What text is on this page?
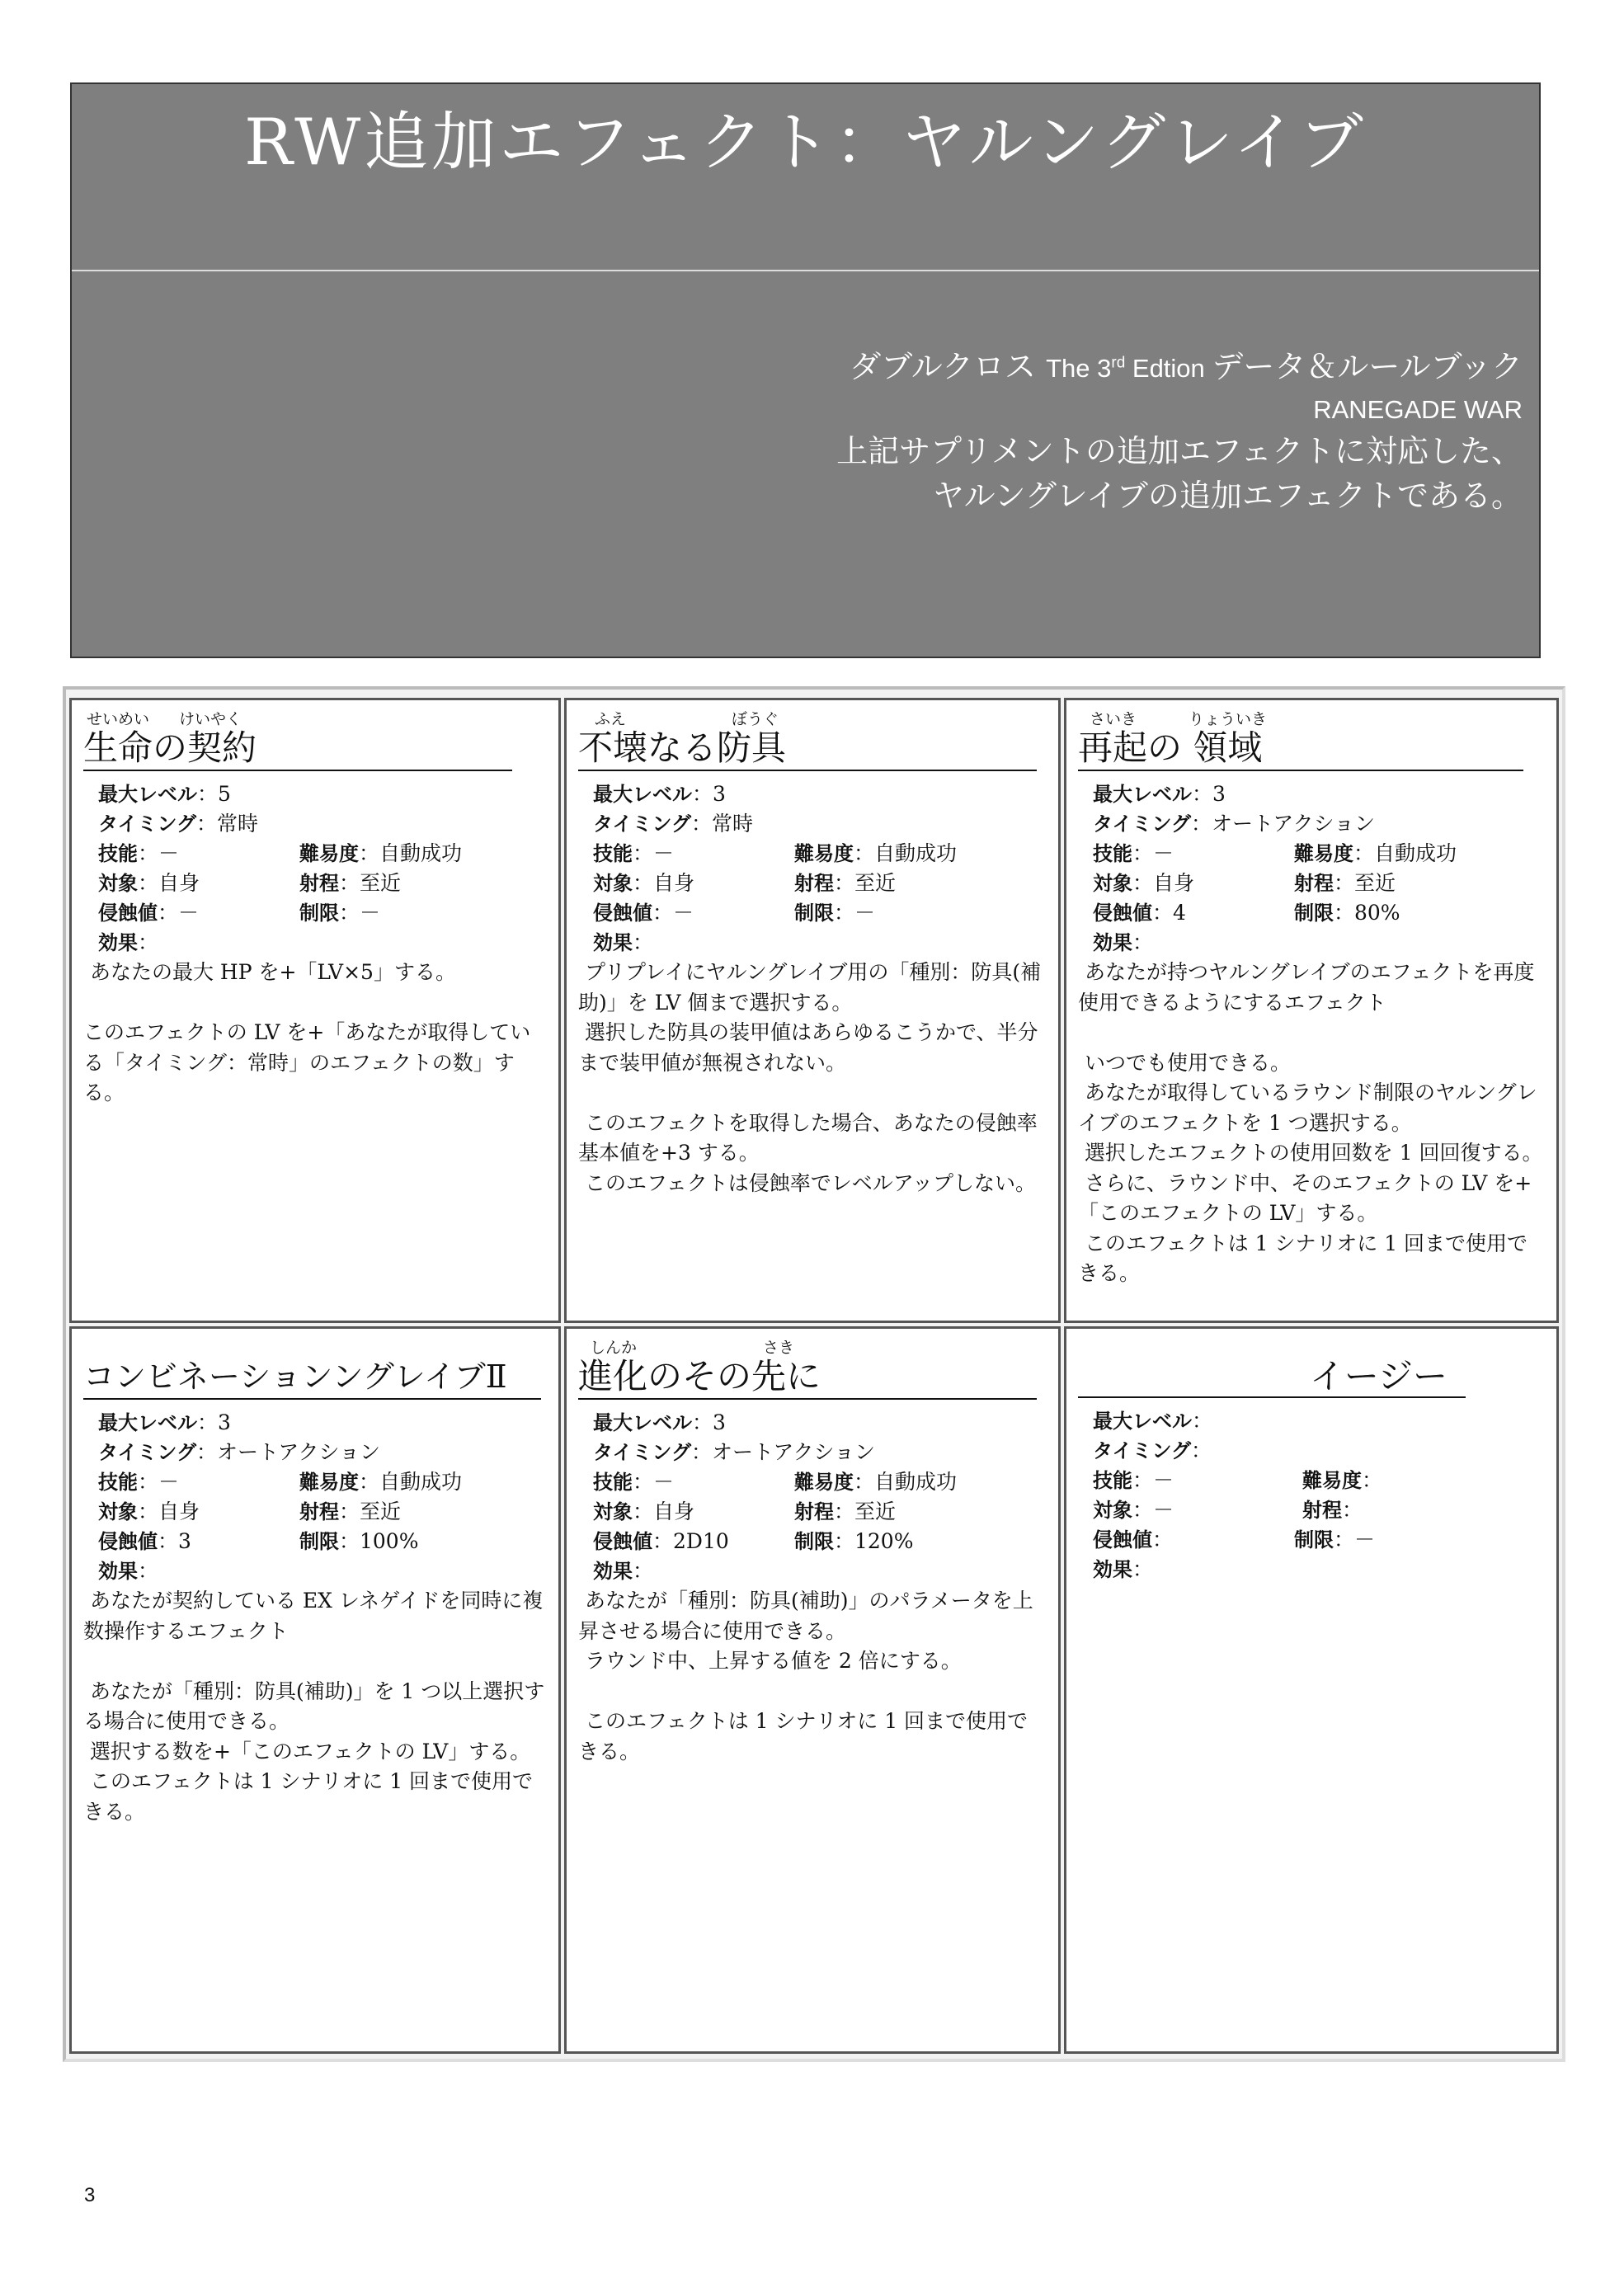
RW追加エフェクト：ヤルングレイブ
ダブルクロス The 3rd Edtion データ＆ルールブック
RANEGADE WAR
上記サプリメントの追加エフェクトに対応した、
ヤルングレイブの追加エフェクトである。
せいめい けいやく
生命の契約
最大レベル：5
タイミング：常時
技能：－	難易度：自動成功
対象：自身	射程：至近
侵蝕値：－	制限：－
効果：
あなたの最大 HP を+「LV×5」する。

このエフェクトの LV を+「あなたが取得している「タイミング：常時」のエフェクトの数」する。
ふえ	ぼうぐ
不壊なる防具
最大レベル：3
タイミング：常時
技能：－	難易度：自動成功
対象：自身	射程：至近
侵蝕値：－	制限：－
効果：
プリプレイにヤルングレイブ用の「種別：防具(補助)」を LV 個まで選択する。
選択した防具の装甲値はあらゆるこうかで、半分まで装甲値が無視されない。

このエフェクトを取得した場合、あなたの侵蝕率基本値を+3 する。
このエフェクトは侵蝕率でレベルアップしない。
さいき	りょういき
再起の 領域
最大レベル：3
タイミング：オートアクション
技能：－	難易度：自動成功
対象：自身	射程：至近
侵蝕値：4	制限：80%
効果：
あなたが持つヤルングレイブのエフェクトを再度使用できるようにするエフェクト

いつでも使用できる。
あなたが取得しているラウンド制限のヤルングレイブのエフェクトを 1 つ選択する。
選択したエフェクトの使用回数を 1 回回復する。
さらに、ラウンド中、そのエフェクトの LV を+「このエフェクトの LV」する。
このエフェクトは 1 シナリオに 1 回まで使用できる。
コンビネーションングレイブⅡ
最大レベル：3
タイミング：オートアクション
技能：－	難易度：自動成功
対象：自身	射程：至近
侵蝕値：3	制限：100%
効果：
あなたが契約している EX レネゲイドを同時に複数操作するエフェクト

あなたが「種別：防具(補助)」を 1 つ以上選択する場合に使用できる。
選択する数を+「このエフェクトの LV」する。
このエフェクトは 1 シナリオに 1 回まで使用できる。
しんか	さき
進化のその先に
最大レベル：3
タイミング：オートアクション
技能：－	難易度：自動成功
対象：自身	射程：至近
侵蝕値：2D10	制限：120%
効果：
あなたが「種別：防具(補助)」のパラメータを上昇させる場合に使用できる。
ラウンド中、上昇する値を 2 倍にする。

このエフェクトは 1 シナリオに 1 回まで使用できる。
イージー
最大レベル：
タイミング：
技能：－	難易度：
対象：－	射程：
侵蝕値：	制限：－
効果：
3
